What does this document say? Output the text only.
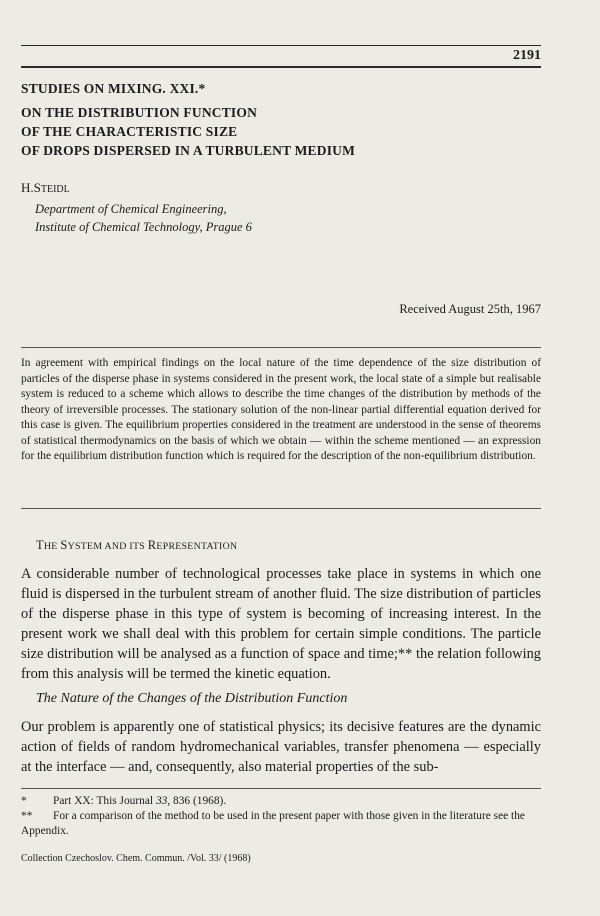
2191
STUDIES ON MIXING. XXI.*
ON THE DISTRIBUTION FUNCTION
OF THE CHARACTERISTIC SIZE
OF DROPS DISPERSED IN A TURBULENT MEDIUM
H.STEIDL
Department of Chemical Engineering,
Institute of Chemical Technology, Prague 6
Received August 25th, 1967
In agreement with empirical findings on the local nature of the time dependence of the size distribution of particles of the disperse phase in systems considered in the present work, the local state of a simple but realisable system is reduced to a scheme which allows to describe the time changes of the distribution by methods of the theory of irreversible processes. The stationary solution of the non-linear partial differential equation derived for this case is given. The equilibrium properties considered in the treatment are understood in the sense of theorems of statistical thermodynamics on the basis of which we obtain — within the scheme mentioned — an expression for the equilibrium distribution function which is required for the description of the non-equilibrium distribution.
THE SYSTEM AND ITS REPRESENTATION
A considerable number of technological processes take place in systems in which one fluid is dispersed in the turbulent stream of another fluid. The size distribution of particles of the disperse phase in this type of system is becoming of increasing interest. In the present work we shall deal with this problem for certain simple conditions. The particle size distribution will be analysed as a function of space and time;** the relation following from this analysis will be termed the kinetic equation.
The Nature of the Changes of the Distribution Function
Our problem is apparently one of statistical physics; its decisive features are the dynamic action of fields of random hydromechanical variables, transfer phenomena — especially at the interface — and, consequently, also material properties of the sub-
* Part XX: This Journal 33, 836 (1968).
** For a comparison of the method to be used in the present paper with those given in the literature see the Appendix.
Collection Czechoslov. Chem. Commun. /Vol. 33/ (1968)
